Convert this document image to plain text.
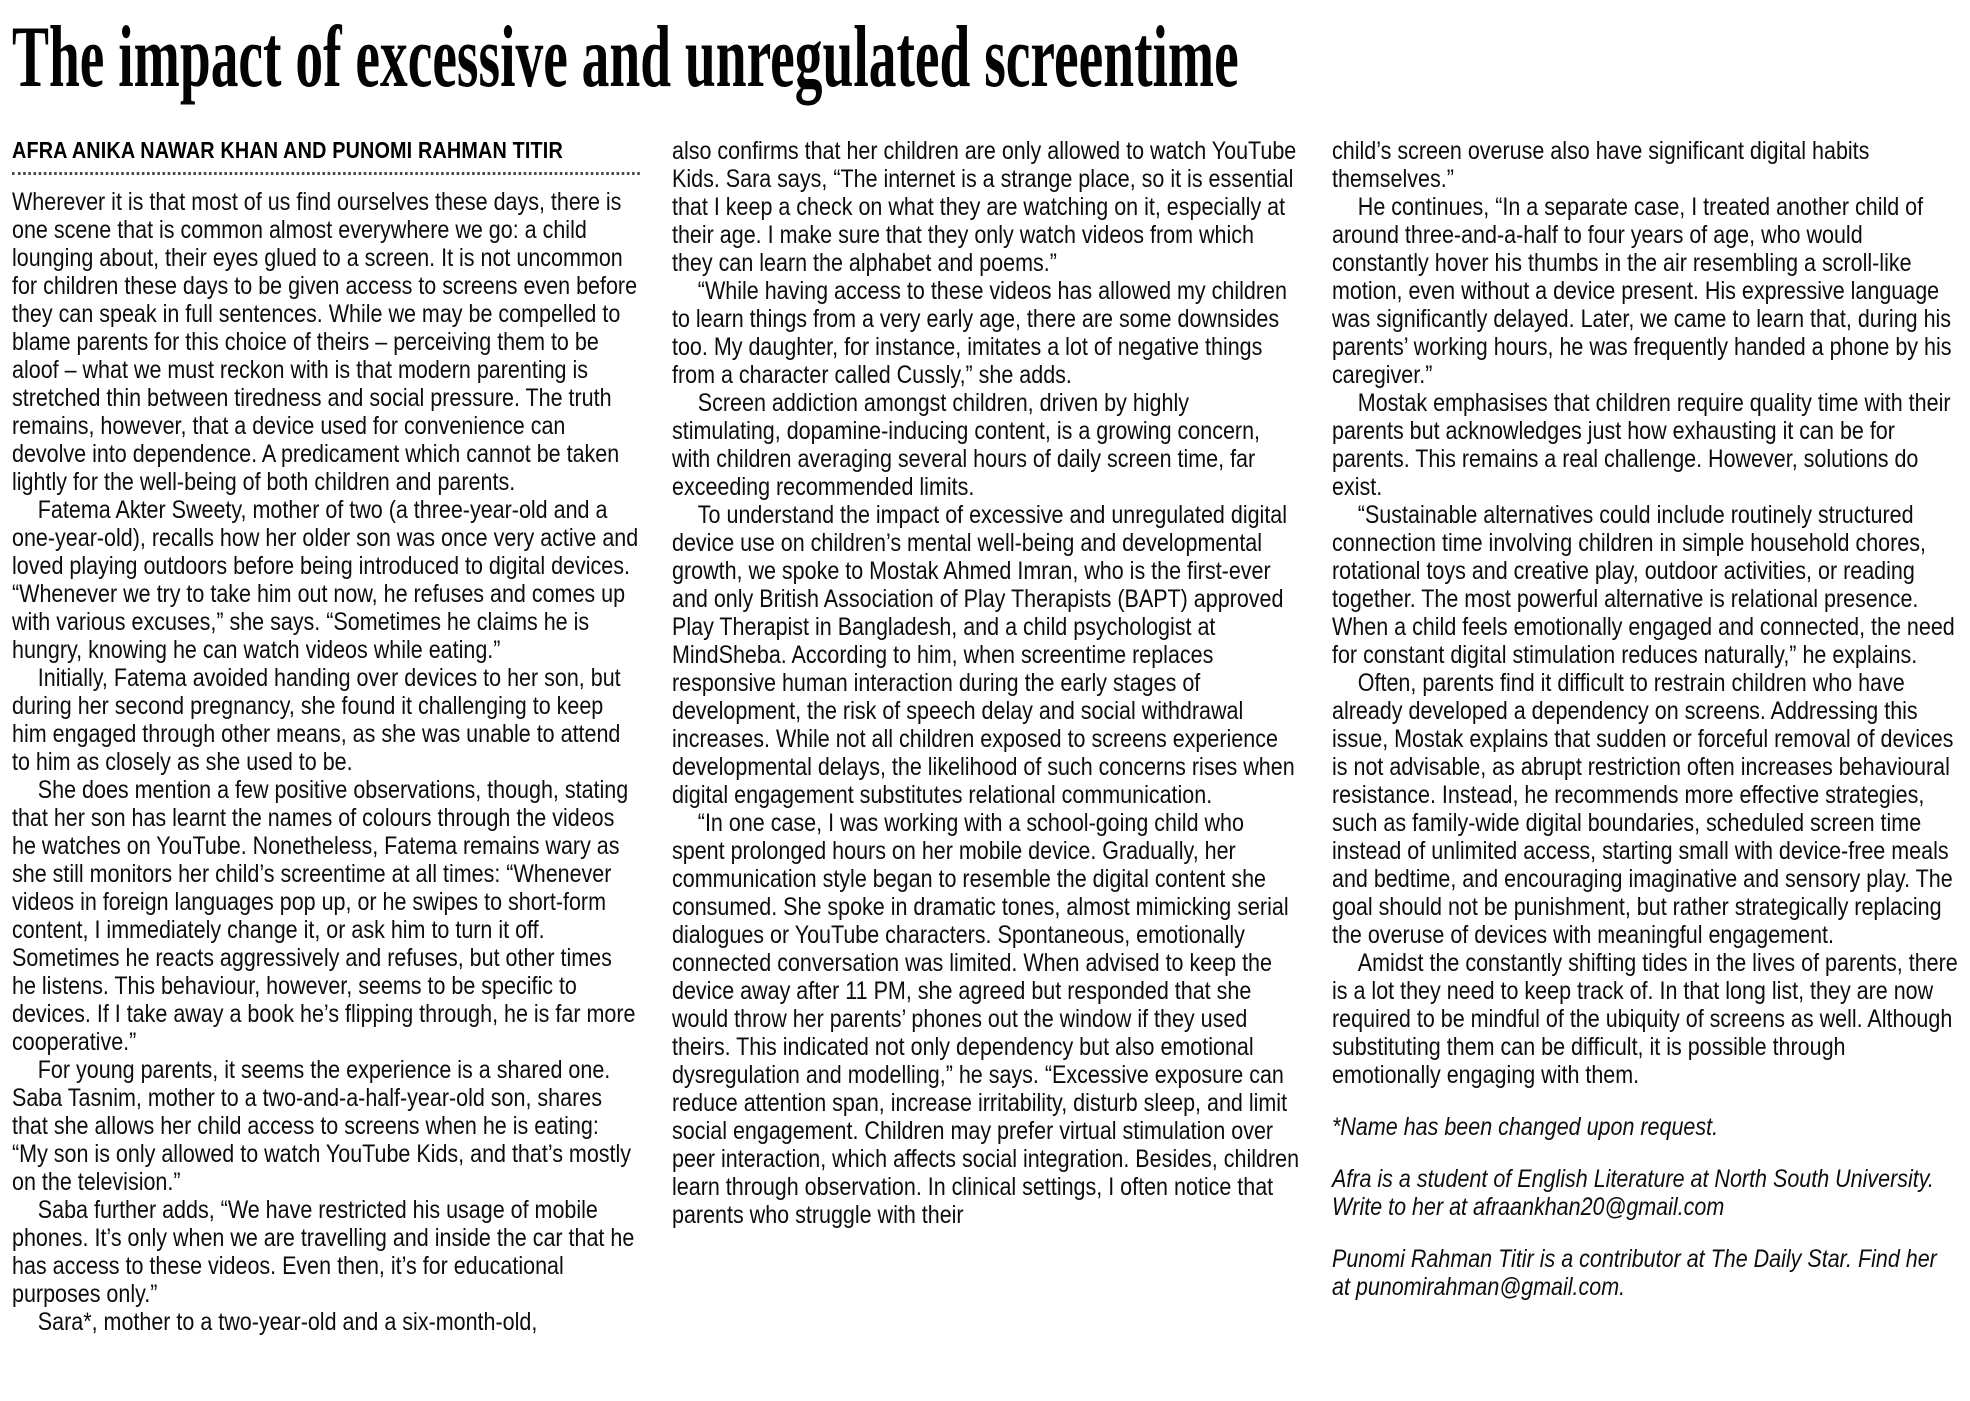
The impact of excessive and unregulated screentime
AFRA ANIKA NAWAR KHAN AND PUNOMI RAHMAN TITIR

Wherever it is that most of us find ourselves these days, there is one scene that is common almost everywhere we go: a child lounging about, their eyes glued to a screen. It is not uncommon for children these days to be given access to screens even before they can speak in full sentences. While we may be compelled to blame parents for this choice of theirs – perceiving them to be aloof – what we must reckon with is that modern parenting is stretched thin between tiredness and social pressure. The truth remains, however, that a device used for convenience can devolve into dependence. A predicament which cannot be taken lightly for the well-being of both children and parents.

Fatema Akter Sweety, mother of two (a three-year-old and a one-year-old), recalls how her older son was once very active and loved playing outdoors before being introduced to digital devices. “Whenever we try to take him out now, he refuses and comes up with various excuses,” she says. “Sometimes he claims he is hungry, knowing he can watch videos while eating.”

Initially, Fatema avoided handing over devices to her son, but during her second pregnancy, she found it challenging to keep him engaged through other means, as she was unable to attend to him as closely as she used to be.

She does mention a few positive observations, though, stating that her son has learnt the names of colours through the videos he watches on YouTube. Nonetheless, Fatema remains wary as she still monitors her child’s screentime at all times: “Whenever videos in foreign languages pop up, or he swipes to short-form content, I immediately change it, or ask him to turn it off. Sometimes he reacts aggressively and refuses, but other times he listens. This behaviour, however, seems to be specific to devices. If I take away a book he’s flipping through, he is far more cooperative.”

For young parents, it seems the experience is a shared one. Saba Tasnim, mother to a two-and-a-half-year-old son, shares that she allows her child access to screens when he is eating: “My son is only allowed to watch YouTube Kids, and that’s mostly on the television.”

Saba further adds, “We have restricted his usage of mobile phones. It’s only when we are travelling and inside the car that he has access to these videos. Even then, it’s for educational purposes only.”

Sara*, mother to a two-year-old and a six-month-old,

also confirms that her children are only allowed to watch YouTube Kids. Sara says, “The internet is a strange place, so it is essential that I keep a check on what they are watching on it, especially at their age. I make sure that they only watch videos from which they can learn the alphabet and poems.”

“While having access to these videos has allowed my children to learn things from a very early age, there are some downsides too. My daughter, for instance, imitates a lot of negative things from a character called Cussly,” she adds.

Screen addiction amongst children, driven by highly stimulating, dopamine-inducing content, is a growing concern, with children averaging several hours of daily screen time, far exceeding recommended limits.

To understand the impact of excessive and unregulated digital device use on children’s mental well-being and developmental growth, we spoke to Mostak Ahmed Imran, who is the first-ever and only British Association of Play Therapists (BAPT) approved Play Therapist in Bangladesh, and a child psychologist at MindSheba. According to him, when screentime replaces responsive human interaction during the early stages of development, the risk of speech delay and social withdrawal increases. While not all children exposed to screens experience developmental delays, the likelihood of such concerns rises when digital engagement substitutes relational communication.

“In one case, I was working with a school-going child who spent prolonged hours on her mobile device. Gradually, her communication style began to resemble the digital content she consumed. She spoke in dramatic tones, almost mimicking serial dialogues or YouTube characters. Spontaneous, emotionally connected conversation was limited. When advised to keep the device away after 11 PM, she agreed but responded that she would throw her parents’ phones out the window if they used theirs. This indicated not only dependency but also emotional dysregulation and modelling,” he says. “Excessive exposure can reduce attention span, increase irritability, disturb sleep, and limit social engagement. Children may prefer virtual stimulation over peer interaction, which affects social integration. Besides, children learn through observation. In clinical settings, I often notice that parents who struggle with their

child’s screen overuse also have significant digital habits themselves.”

He continues, “In a separate case, I treated another child of around three-and-a-half to four years of age, who would constantly hover his thumbs in the air resembling a scroll-like motion, even without a device present. His expressive language was significantly delayed. Later, we came to learn that, during his parents’ working hours, he was frequently handed a phone by his caregiver.”

Mostak emphasises that children require quality time with their parents but acknowledges just how exhausting it can be for parents. This remains a real challenge. However, solutions do exist.

“Sustainable alternatives could include routinely structured connection time involving children in simple household chores, rotational toys and creative play, outdoor activities, or reading together. The most powerful alternative is relational presence. When a child feels emotionally engaged and connected, the need for constant digital stimulation reduces naturally,” he explains.

Often, parents find it difficult to restrain children who have already developed a dependency on screens. Addressing this issue, Mostak explains that sudden or forceful removal of devices is not advisable, as abrupt restriction often increases behavioural resistance. Instead, he recommends more effective strategies, such as family-wide digital boundaries, scheduled screen time instead of unlimited access, starting small with device-free meals and bedtime, and encouraging imaginative and sensory play. The goal should not be punishment, but rather strategically replacing the overuse of devices with meaningful engagement.

Amidst the constantly shifting tides in the lives of parents, there is a lot they need to keep track of. In that long list, they are now required to be mindful of the ubiquity of screens as well. Although substituting them can be difficult, it is possible through emotionally engaging with them.

*Name has been changed upon request.

Afra is a student of English Literature at North South University. Write to her at afraankhan20@gmail.com

Punomi Rahman Titir is a contributor at The Daily Star. Find her at punomirahman@gmail.com.
